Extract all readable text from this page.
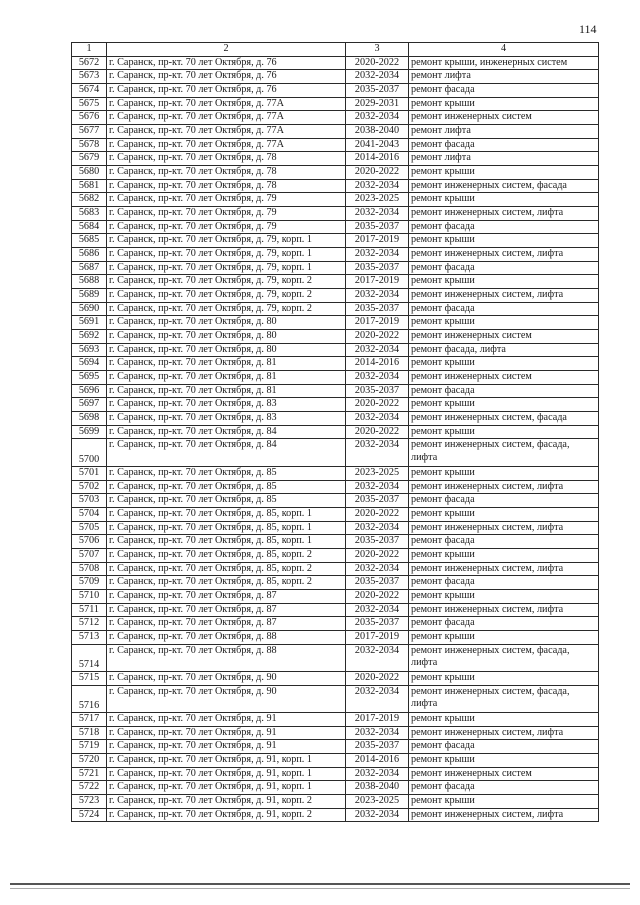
114
1	2	3	4
5672	г. Саранск, пр-кт. 70 лет Октября, д. 76	2020-2022	ремонт крыши, инженерных систем
5673	г. Саранск, пр-кт. 70 лет Октября, д. 76	2032-2034	ремонт лифта
5674	г. Саранск, пр-кт. 70 лет Октября, д. 76	2035-2037	ремонт фасада
5675	г. Саранск, пр-кт. 70 лет Октября, д. 77А	2029-2031	ремонт крыши
5676	г. Саранск, пр-кт. 70 лет Октября, д. 77А	2032-2034	ремонт инженерных систем
5677	г. Саранск, пр-кт. 70 лет Октября, д. 77А	2038-2040	ремонт лифта
5678	г. Саранск, пр-кт. 70 лет Октября, д. 77А	2041-2043	ремонт фасада
5679	г. Саранск, пр-кт. 70 лет Октября, д. 78	2014-2016	ремонт лифта
5680	г. Саранск, пр-кт. 70 лет Октября, д. 78	2020-2022	ремонт крыши
5681	г. Саранск, пр-кт. 70 лет Октября, д. 78	2032-2034	ремонт инженерных систем, фасада
5682	г. Саранск, пр-кт. 70 лет Октября, д. 79	2023-2025	ремонт крыши
5683	г. Саранск, пр-кт. 70 лет Октября, д. 79	2032-2034	ремонт инженерных систем, лифта
5684	г. Саранск, пр-кт. 70 лет Октября, д. 79	2035-2037	ремонт фасада
5685	г. Саранск, пр-кт. 70 лет Октября, д. 79, корп. 1	2017-2019	ремонт крыши
5686	г. Саранск, пр-кт. 70 лет Октября, д. 79, корп. 1	2032-2034	ремонт инженерных систем, лифта
5687	г. Саранск, пр-кт. 70 лет Октября, д. 79, корп. 1	2035-2037	ремонт фасада
5688	г. Саранск, пр-кт. 70 лет Октября, д. 79, корп. 2	2017-2019	ремонт крыши
5689	г. Саранск, пр-кт. 70 лет Октября, д. 79, корп. 2	2032-2034	ремонт инженерных систем, лифта
5690	г. Саранск, пр-кт. 70 лет Октября, д. 79, корп. 2	2035-2037	ремонт фасада
5691	г. Саранск, пр-кт. 70 лет Октября, д. 80	2017-2019	ремонт крыши
5692	г. Саранск, пр-кт. 70 лет Октября, д. 80	2020-2022	ремонт инженерных систем
5693	г. Саранск, пр-кт. 70 лет Октября, д. 80	2032-2034	ремонт фасада, лифта
5694	г. Саранск, пр-кт. 70 лет Октября, д. 81	2014-2016	ремонт крыши
5695	г. Саранск, пр-кт. 70 лет Октября, д. 81	2032-2034	ремонт инженерных систем
5696	г. Саранск, пр-кт. 70 лет Октября, д. 81	2035-2037	ремонт фасада
5697	г. Саранск, пр-кт. 70 лет Октября, д. 83	2020-2022	ремонт крыши
5698	г. Саранск, пр-кт. 70 лет Октября, д. 83	2032-2034	ремонт инженерных систем, фасада
5699	г. Саранск, пр-кт. 70 лет Октября, д. 84	2020-2022	ремонт крыши
5700	г. Саранск, пр-кт. 70 лет Октября, д. 84	2032-2034	ремонт инженерных систем, фасада, лифта
5701	г. Саранск, пр-кт. 70 лет Октября, д. 85	2023-2025	ремонт крыши
5702	г. Саранск, пр-кт. 70 лет Октября, д. 85	2032-2034	ремонт инженерных систем, лифта
5703	г. Саранск, пр-кт. 70 лет Октября, д. 85	2035-2037	ремонт фасада
5704	г. Саранск, пр-кт. 70 лет Октября, д. 85, корп. 1	2020-2022	ремонт крыши
5705	г. Саранск, пр-кт. 70 лет Октября, д. 85, корп. 1	2032-2034	ремонт инженерных систем, лифта
5706	г. Саранск, пр-кт. 70 лет Октября, д. 85, корп. 1	2035-2037	ремонт фасада
5707	г. Саранск, пр-кт. 70 лет Октября, д. 85, корп. 2	2020-2022	ремонт крыши
5708	г. Саранск, пр-кт. 70 лет Октября, д. 85, корп. 2	2032-2034	ремонт инженерных систем, лифта
5709	г. Саранск, пр-кт. 70 лет Октября, д. 85, корп. 2	2035-2037	ремонт фасада
5710	г. Саранск, пр-кт. 70 лет Октября, д. 87	2020-2022	ремонт крыши
5711	г. Саранск, пр-кт. 70 лет Октября, д. 87	2032-2034	ремонт инженерных систем, лифта
5712	г. Саранск, пр-кт. 70 лет Октября, д. 87	2035-2037	ремонт фасада
5713	г. Саранск, пр-кт. 70 лет Октября, д. 88	2017-2019	ремонт крыши
5714	г. Саранск, пр-кт. 70 лет Октября, д. 88	2032-2034	ремонт инженерных систем, фасада, лифта
5715	г. Саранск, пр-кт. 70 лет Октября, д. 90	2020-2022	ремонт крыши
5716	г. Саранск, пр-кт. 70 лет Октября, д. 90	2032-2034	ремонт инженерных систем, фасада, лифта
5717	г. Саранск, пр-кт. 70 лет Октября, д. 91	2017-2019	ремонт крыши
5718	г. Саранск, пр-кт. 70 лет Октября, д. 91	2032-2034	ремонт инженерных систем, лифта
5719	г. Саранск, пр-кт. 70 лет Октября, д. 91	2035-2037	ремонт фасада
5720	г. Саранск, пр-кт. 70 лет Октября, д. 91, корп. 1	2014-2016	ремонт крыши
5721	г. Саранск, пр-кт. 70 лет Октября, д. 91, корп. 1	2032-2034	ремонт инженерных систем
5722	г. Саранск, пр-кт. 70 лет Октября, д. 91, корп. 1	2038-2040	ремонт фасада
5723	г. Саранск, пр-кт. 70 лет Октября, д. 91, корп. 2	2023-2025	ремонт крыши
5724	г. Саранск, пр-кт. 70 лет Октября, д. 91, корп. 2	2032-2034	ремонт инженерных систем, лифта
